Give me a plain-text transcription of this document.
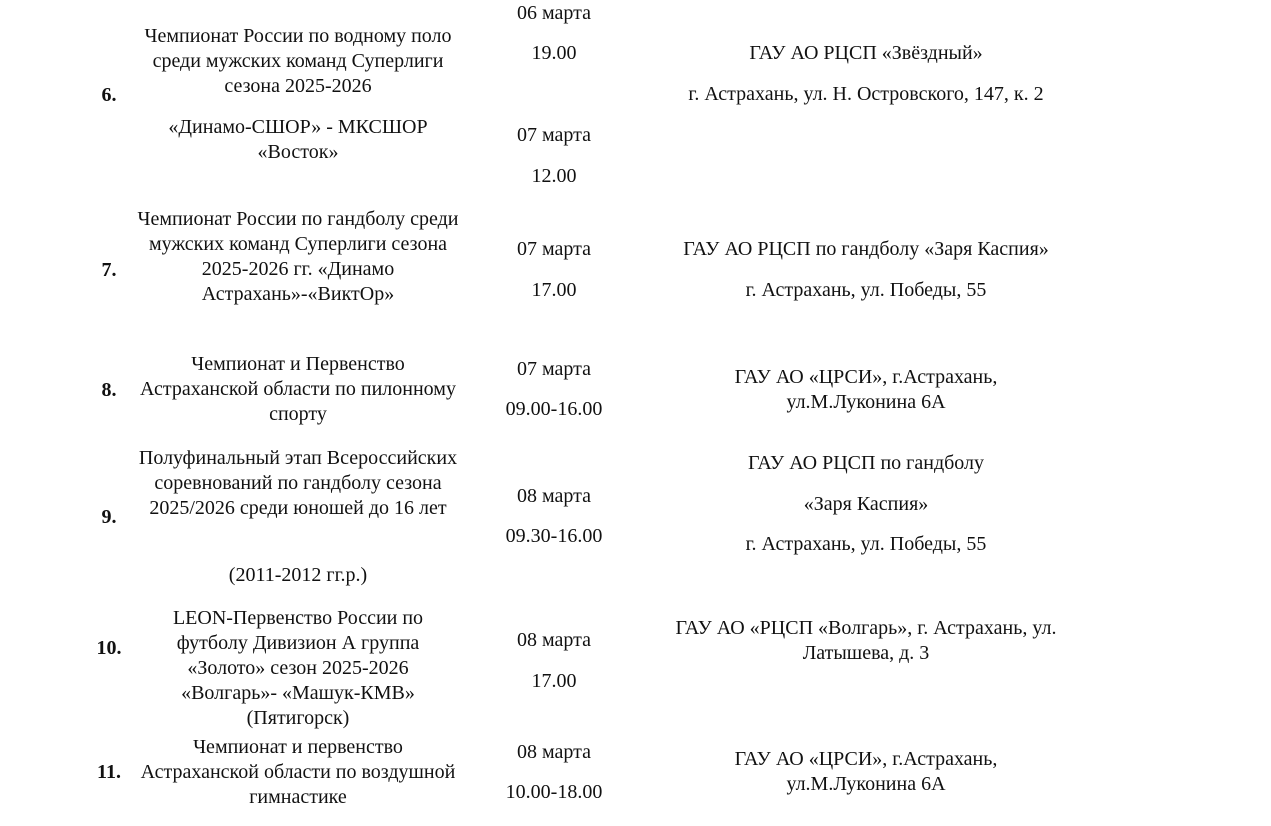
6.
Чемпионат России по водному поло среди мужских команд Суперлиги сезона 2025-2026
«Динамо-СШОР» - МКСШОР «Восток»
06 марта
19.00
07 марта
12.00
ГАУ АО РЦСП «Звёздный»
г. Астрахань, ул. Н. Островского, 147, к. 2
7.
Чемпионат России по гандболу среди мужских команд Суперлиги сезона 2025-2026 гг. «Динамо Астрахань»-«ВиктОр»
07 марта
17.00
ГАУ АО РЦСП по гандболу «Заря Каспия»
г. Астрахань, ул. Победы, 55
8.
Чемпионат и Первенство Астраханской области по пилонному спорту
07 марта
09.00-16.00
ГАУ АО «ЦРСИ», г.Астрахань, ул.М.Луконина 6А
9.
Полуфинальный этап Всероссийских соревнований по гандболу сезона 2025/2026 среди юношей до 16 лет
(2011-2012 гг.р.)
08 марта
09.30-16.00
ГАУ АО РЦСП по гандболу
«Заря Каспия»
г. Астрахань, ул. Победы, 55
10.
LEON-Первенство России по футболу Дивизион А группа «Золото» сезон 2025-2026 «Волгарь»- «Машук-КМВ» (Пятигорск)
08 марта
17.00
ГАУ АО «РЦСП «Волгарь», г. Астрахань, ул. Латышева, д. 3
11.
Чемпионат и первенство Астраханской области по воздушной гимнастике
08 марта
10.00-18.00
ГАУ АО «ЦРСИ», г.Астрахань, ул.М.Луконина 6А
